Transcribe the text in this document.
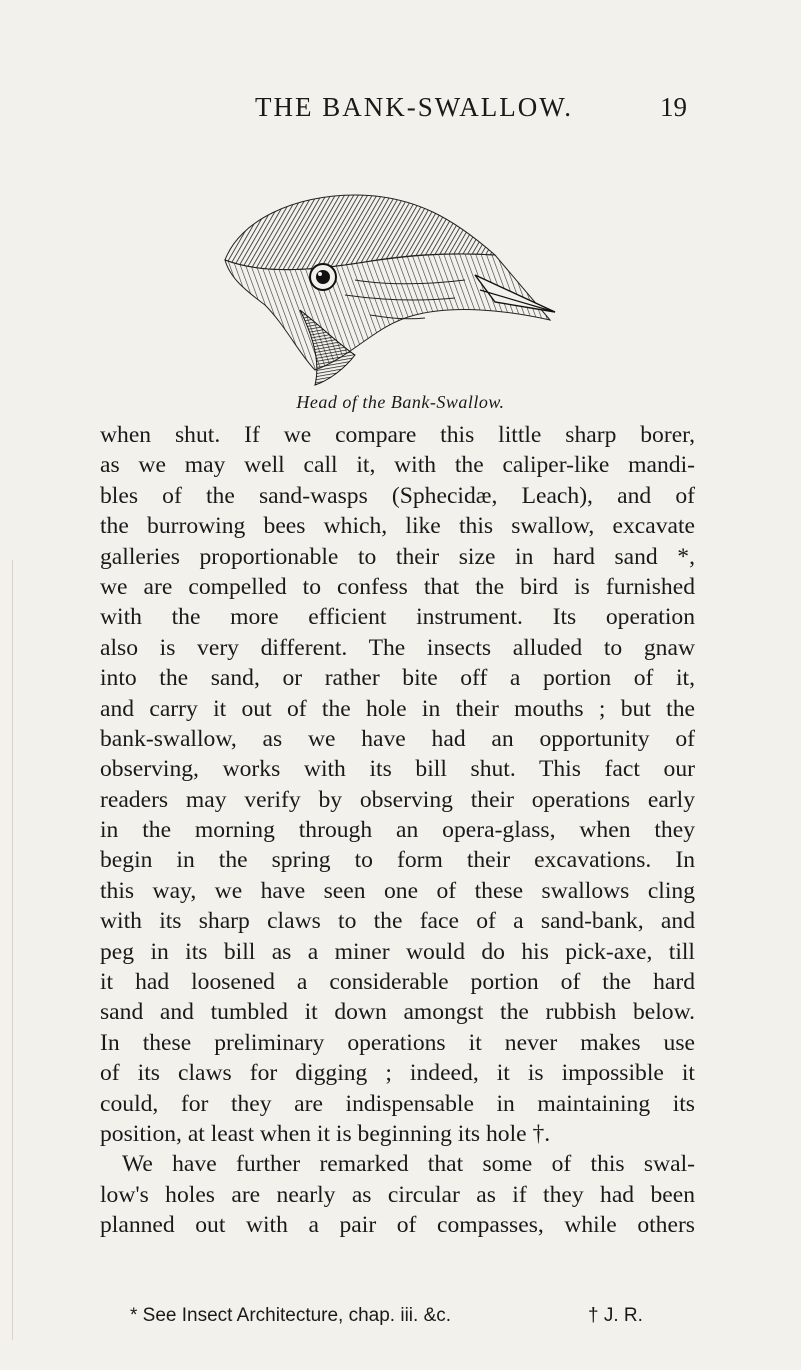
THE BANK-SWALLOW.	19
Head of the Bank-Swallow.
when shut. If we compare this little sharp borer,
as we may well call it, with the caliper-like mandi-
bles of the sand-wasps (Sphecidæ, Leach), and of
the burrowing bees which, like this swallow, excavate
galleries proportionable to their size in hard sand *,
we are compelled to confess that the bird is furnished
with the more efficient instrument. Its operation
also is very different. The insects alluded to gnaw
into the sand, or rather bite off a portion of it,
and carry it out of the hole in their mouths ; but the
bank-swallow, as we have had an opportunity of
observing, works with its bill shut. This fact our
readers may verify by observing their operations early
in the morning through an opera-glass, when they
begin in the spring to form their excavations. In
this way, we have seen one of these swallows cling
with its sharp claws to the face of a sand-bank, and
peg in its bill as a miner would do his pick-axe, till
it had loosened a considerable portion of the hard
sand and tumbled it down amongst the rubbish below.
In these preliminary operations it never makes use
of its claws for digging ; indeed, it is impossible it
could, for they are indispensable in maintaining its
position, at least when it is beginning its hole †.
We have further remarked that some of this swal-
low's holes are nearly as circular as if they had been
planned out with a pair of compasses, while others
* See Insect Architecture, chap. iii. &c.	† J. R.
